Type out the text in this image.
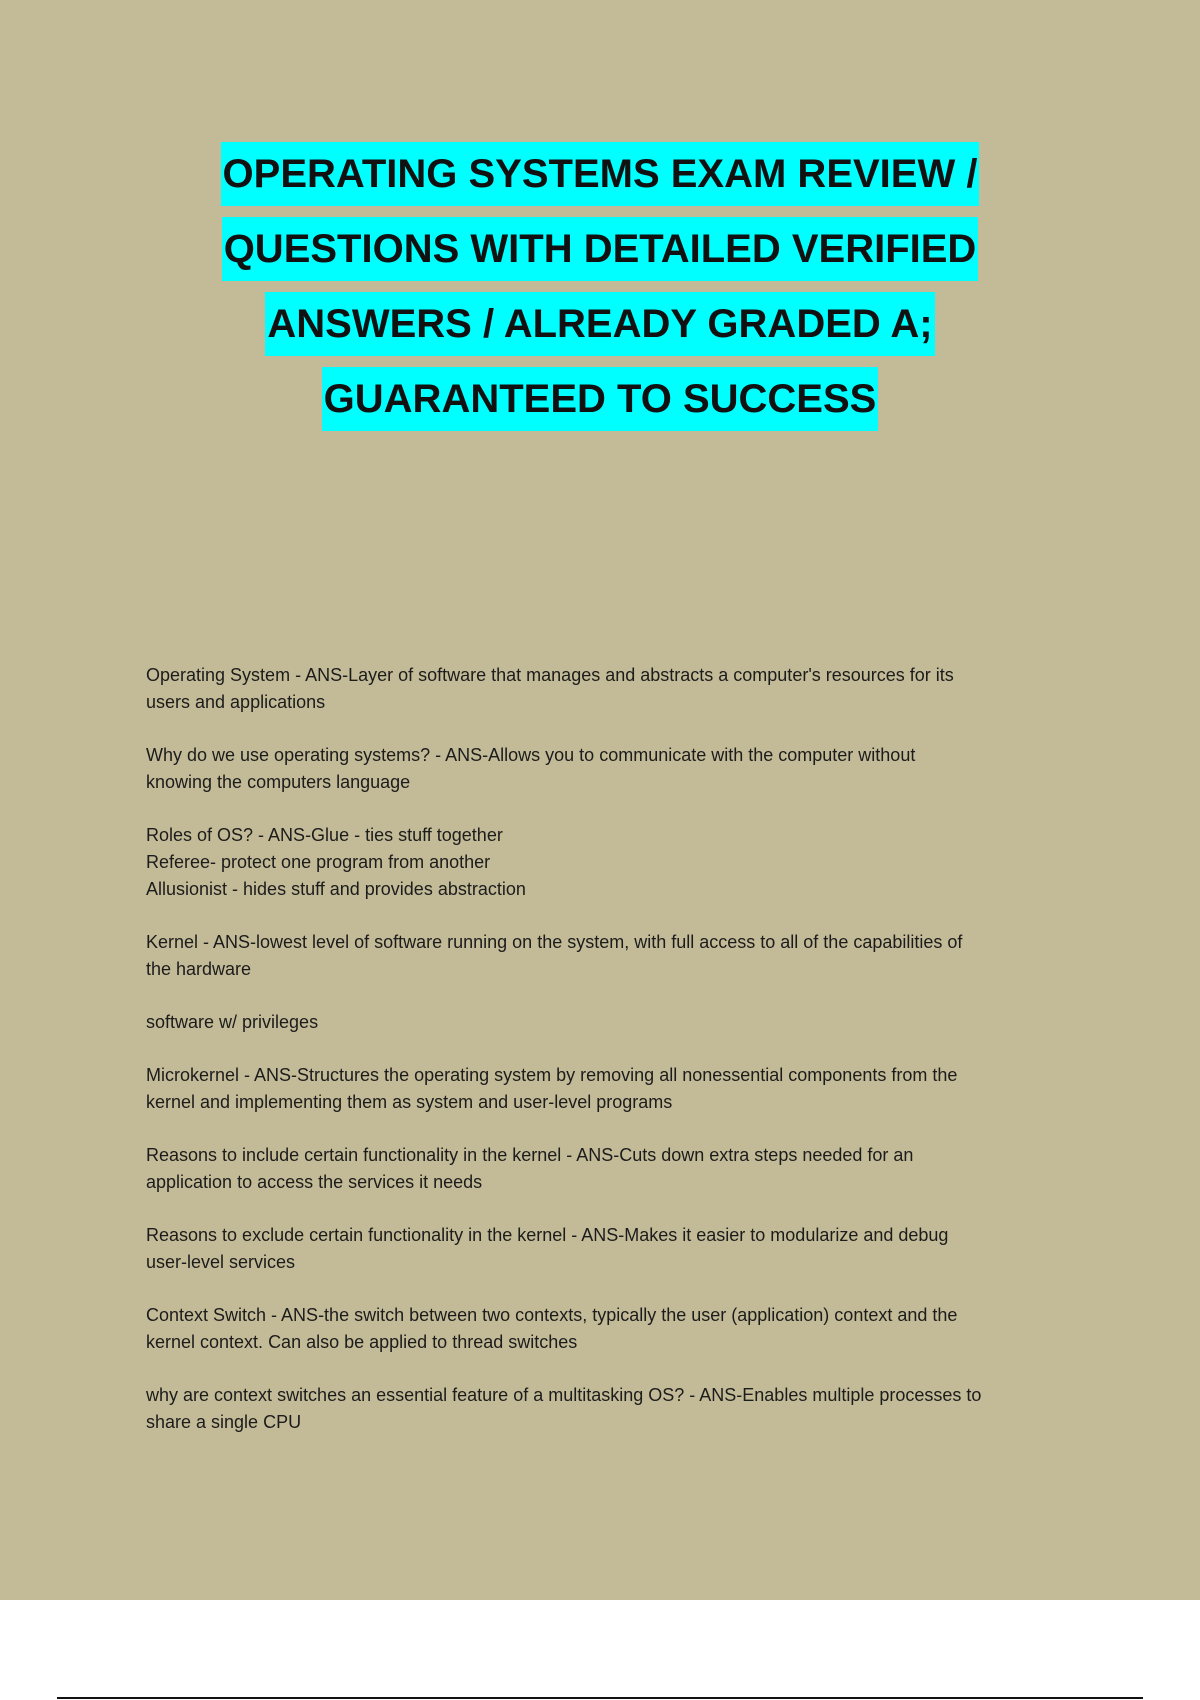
OPERATING SYSTEMS EXAM REVIEW /
QUESTIONS WITH DETAILED VERIFIED
ANSWERS / ALREADY GRADED A;
GUARANTEED TO SUCCESS
Operating System - ANS-Layer of software that manages and abstracts a computer's resources for its
users and applications
Why do we use operating systems? - ANS-Allows you to communicate with the computer without
knowing the computers language
Roles of OS? - ANS-Glue - ties stuff together
Referee- protect one program from another
Allusionist - hides stuff and provides abstraction
Kernel - ANS-lowest level of software running on the system, with full access to all of the capabilities of
the hardware
software w/ privileges
Microkernel - ANS-Structures the operating system by removing all nonessential components from the
kernel and implementing them as system and user-level programs
Reasons to include certain functionality in the kernel - ANS-Cuts down extra steps needed for an
application to access the services it needs
Reasons to exclude certain functionality in the kernel - ANS-Makes it easier to modularize and debug
user-level services
Context Switch - ANS-the switch between two contexts, typically the user (application) context and the
kernel context. Can also be applied to thread switches
why are context switches an essential feature of a multitasking OS? - ANS-Enables multiple processes to
share a single CPU
